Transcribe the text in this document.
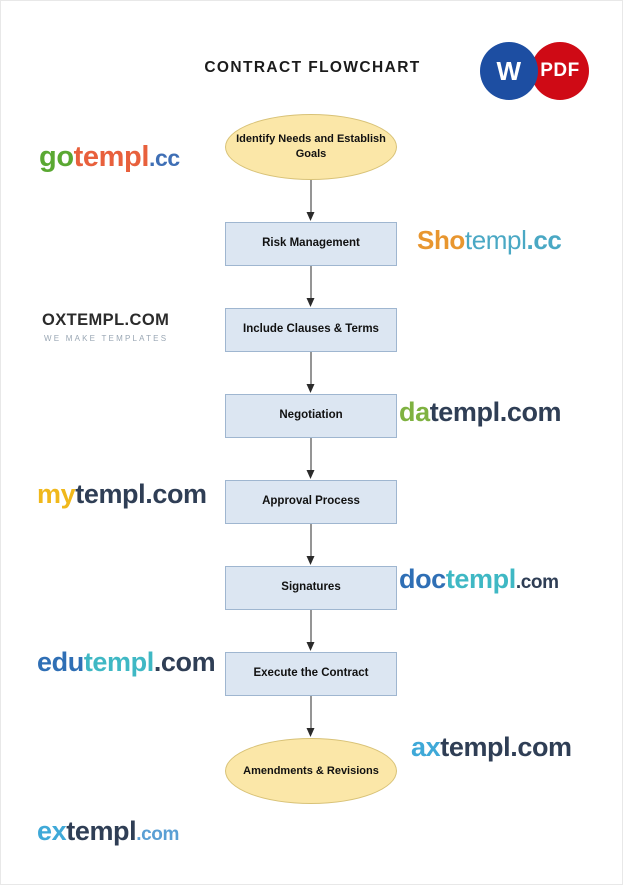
CONTRACT FLOWCHART	W PDF
Identify Needs and Establish Goals
Risk Management
Include Clauses & Terms
Negotiation
Approval Process
Signatures
Execute the Contract
Amendments & Revisions
gotempl.cc
Shotempl.cc
OXTEMPL.COM
WE MAKE TEMPLATES
datempl.com
mytempl.com
doctempl.com
edutempl.com
axtempl.com
extempl.com
